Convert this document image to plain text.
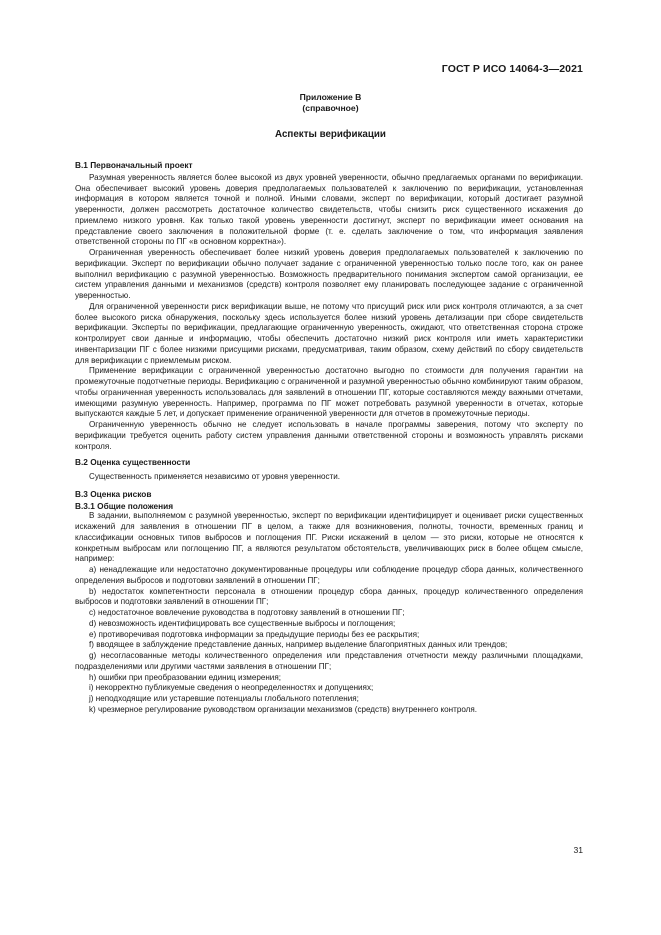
ГОСТ Р ИСО 14064-3—2021
Приложение В
(справочное)
Аспекты верификации

В.1 Первоначальный проект

Разумная уверенность является более высокой из двух уровней уверенности, обычно предлагаемых органами по верификации. Она обеспечивает высокий уровень доверия предполагаемых пользователей к заключению по верификации, установленная информация в котором является точной и полной. Иными словами, эксперт по верификации, который достигает разумной уверенности, должен рассмотреть достаточное количество свидетельств, чтобы снизить риск существенного искажения до приемлемо низкого уровня. Как только такой уровень уверенности достигнут, эксперт по верификации имеет основания на представление своего заключения в положительной форме (т. е. сделать заключение о том, что информация заявления ответственной стороны по ПГ «в основном корректна»).

Ограниченная уверенность обеспечивает более низкий уровень доверия предполагаемых пользователей к заключению по верификации. Эксперт по верификации обычно получает задание с ограниченной уверенностью только после того, как он ранее выполнил верификацию с разумной уверенностью. Возможность предварительного понимания экспертом самой организации, ее систем управления данными и механизмов (средств) контроля позволяет ему планировать последующее задание с ограниченной уверенностью.

Для ограниченной уверенности риск верификации выше, не потому что присущий риск или риск контроля отличаются, а за счет более высокого риска обнаружения, поскольку здесь используется более низкий уровень детализации при сборе свидетельств верификации. Эксперты по верификации, предлагающие ограниченную уверенность, ожидают, что ответственная сторона строже контролирует свои данные и информацию, чтобы обеспечить достаточно низкий риск контроля или иметь характеристики инвентаризации ПГ с более низкими присущими рисками, предусматривая, таким образом, схему действий по сбору свидетельств для верификации с приемлемым риском.

Применение верификации с ограниченной уверенностью достаточно выгодно по стоимости для получения гарантии на промежуточные подотчетные периоды. Верификацию с ограниченной и разумной уверенностью обычно комбинируют таким образом, чтобы ограниченная уверенность использовалась для заявлений в отношении ПГ, которые составляются между важными отчетами, имеющими разумную уверенность. Например, программа по ПГ может потребовать разумной уверенности в отчетах, которые выпускаются каждые 5 лет, и допускает применение ограниченной уверенности для отчетов в промежуточные периоды.

Ограниченную уверенность обычно не следует использовать в начале программы заверения, потому что эксперту по верификации требуется оценить работу систем управления данными ответственной стороны и возможность управлять рисками контроля.

В.2 Оценка существенности

Существенность применяется независимо от уровня уверенности.

В.3 Оценка рисков

В.3.1 Общие положения

В задании, выполняемом с разумной уверенностью, эксперт по верификации идентифицирует и оценивает риски существенных искажений для заявления в отношении ПГ в целом, а также для возникновения, полноты, точности, временных границ и классификации основных типов выбросов и поглощения ПГ. Риски искажений в целом — это риски, которые не относятся к конкретным выбросам или поглощению ПГ, а являются результатом обстоятельств, увеличивающих риск в более общем смысле, например:

а) ненадлежащие или недостаточно документированные процедуры или соблюдение процедур сбора данных, количественного определения выбросов и подготовки заявлений в отношении ПГ;

b) недостаток компетентности персонала в отношении процедур сбора данных, процедур количественного определения выбросов и подготовки заявлений в отношении ПГ;

с) недостаточное вовлечение руководства в подготовку заявлений в отношении ПГ;

d) невозможность идентифицировать все существенные выбросы и поглощения;

е) противоречивая подготовка информации за предыдущие периоды без ее раскрытия;

f) вводящее в заблуждение представление данных, например выделение благоприятных данных или трендов;

g) несогласованные методы количественного определения или представления отчетности между различными площадками, подразделениями или другими частями заявления в отношении ПГ;

h) ошибки при преобразовании единиц измерения;

i) некорректно публикуемые сведения о неопределенностях и допущениях;

j) неподходящие или устаревшие потенциалы глобального потепления;

k) чрезмерное регулирование руководством организации механизмов (средств) внутреннего контроля.

31
